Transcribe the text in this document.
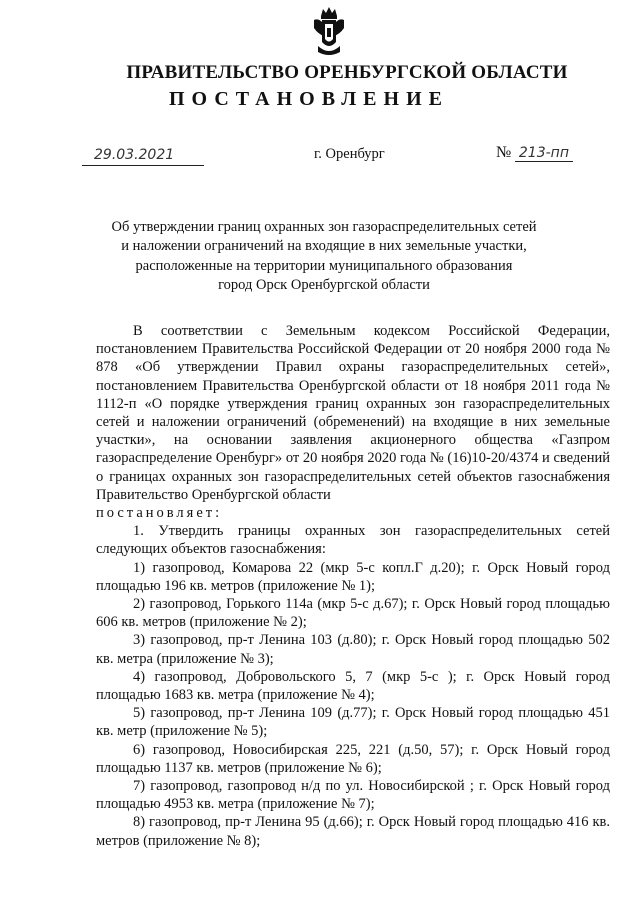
ПРАВИТЕЛЬСТВО ОРЕНБУРГСКОЙ ОБЛАСТИ
ПОСТАНОВЛЕНИЕ
29.03.2021	г. Оренбург	№ 213-пп
Об утверждении границ охранных зон газораспределительных сетей
и наложении ограничений на входящие в них земельные участки,
расположенные на территории муниципального образования
город Орск Оренбургской области

В соответствии с Земельным кодексом Российской Федерации, постановлением Правительства Российской Федерации от 20 ноября 2000 года № 878 «Об утверждении Правил охраны газораспределительных сетей», постановлением Правительства Оренбургской области от 18 ноября 2011 года № 1112-п «О порядке утверждения границ охранных зон газораспределительных сетей и наложении ограничений (обременений) на входящие в них земельные участки», на основании заявления акционерного общества «Газпром газораспределение Оренбург» от 20 ноября 2020 года № (16)10-20/4374 и сведений о границах охранных зон газораспределительных сетей объектов газоснабжения Правительство Оренбургской области

постановляет:

1. Утвердить границы охранных зон газораспределительных сетей следующих объектов газоснабжения:

1) газопровод, Комарова 22 (мкр 5-с копл.Г д.20); г. Орск Новый город площадью 196 кв. метров (приложение № 1);

2) газопровод, Горького 114а (мкр 5-с д.67); г. Орск Новый город площадью 606 кв. метров (приложение № 2);

3) газопровод, пр-т Ленина 103 (д.80); г. Орск Новый город площадью 502 кв. метра (приложение № 3);

4) газопровод, Добровольского 5, 7 (мкр 5-с ); г. Орск Новый город площадью 1683 кв. метра (приложение № 4);

5) газопровод, пр-т Ленина 109 (д.77); г. Орск Новый город площадью 451 кв. метр (приложение № 5);

6) газопровод, Новосибирская 225, 221 (д.50, 57); г. Орск Новый город площадью 1137 кв. метров (приложение № 6);

7) газопровод, газопровод н/д по ул. Новосибирской ; г. Орск Новый город площадью 4953 кв. метра (приложение № 7);

8) газопровод, пр-т Ленина 95 (д.66); г. Орск Новый город площадью 416 кв. метров (приложение № 8);
